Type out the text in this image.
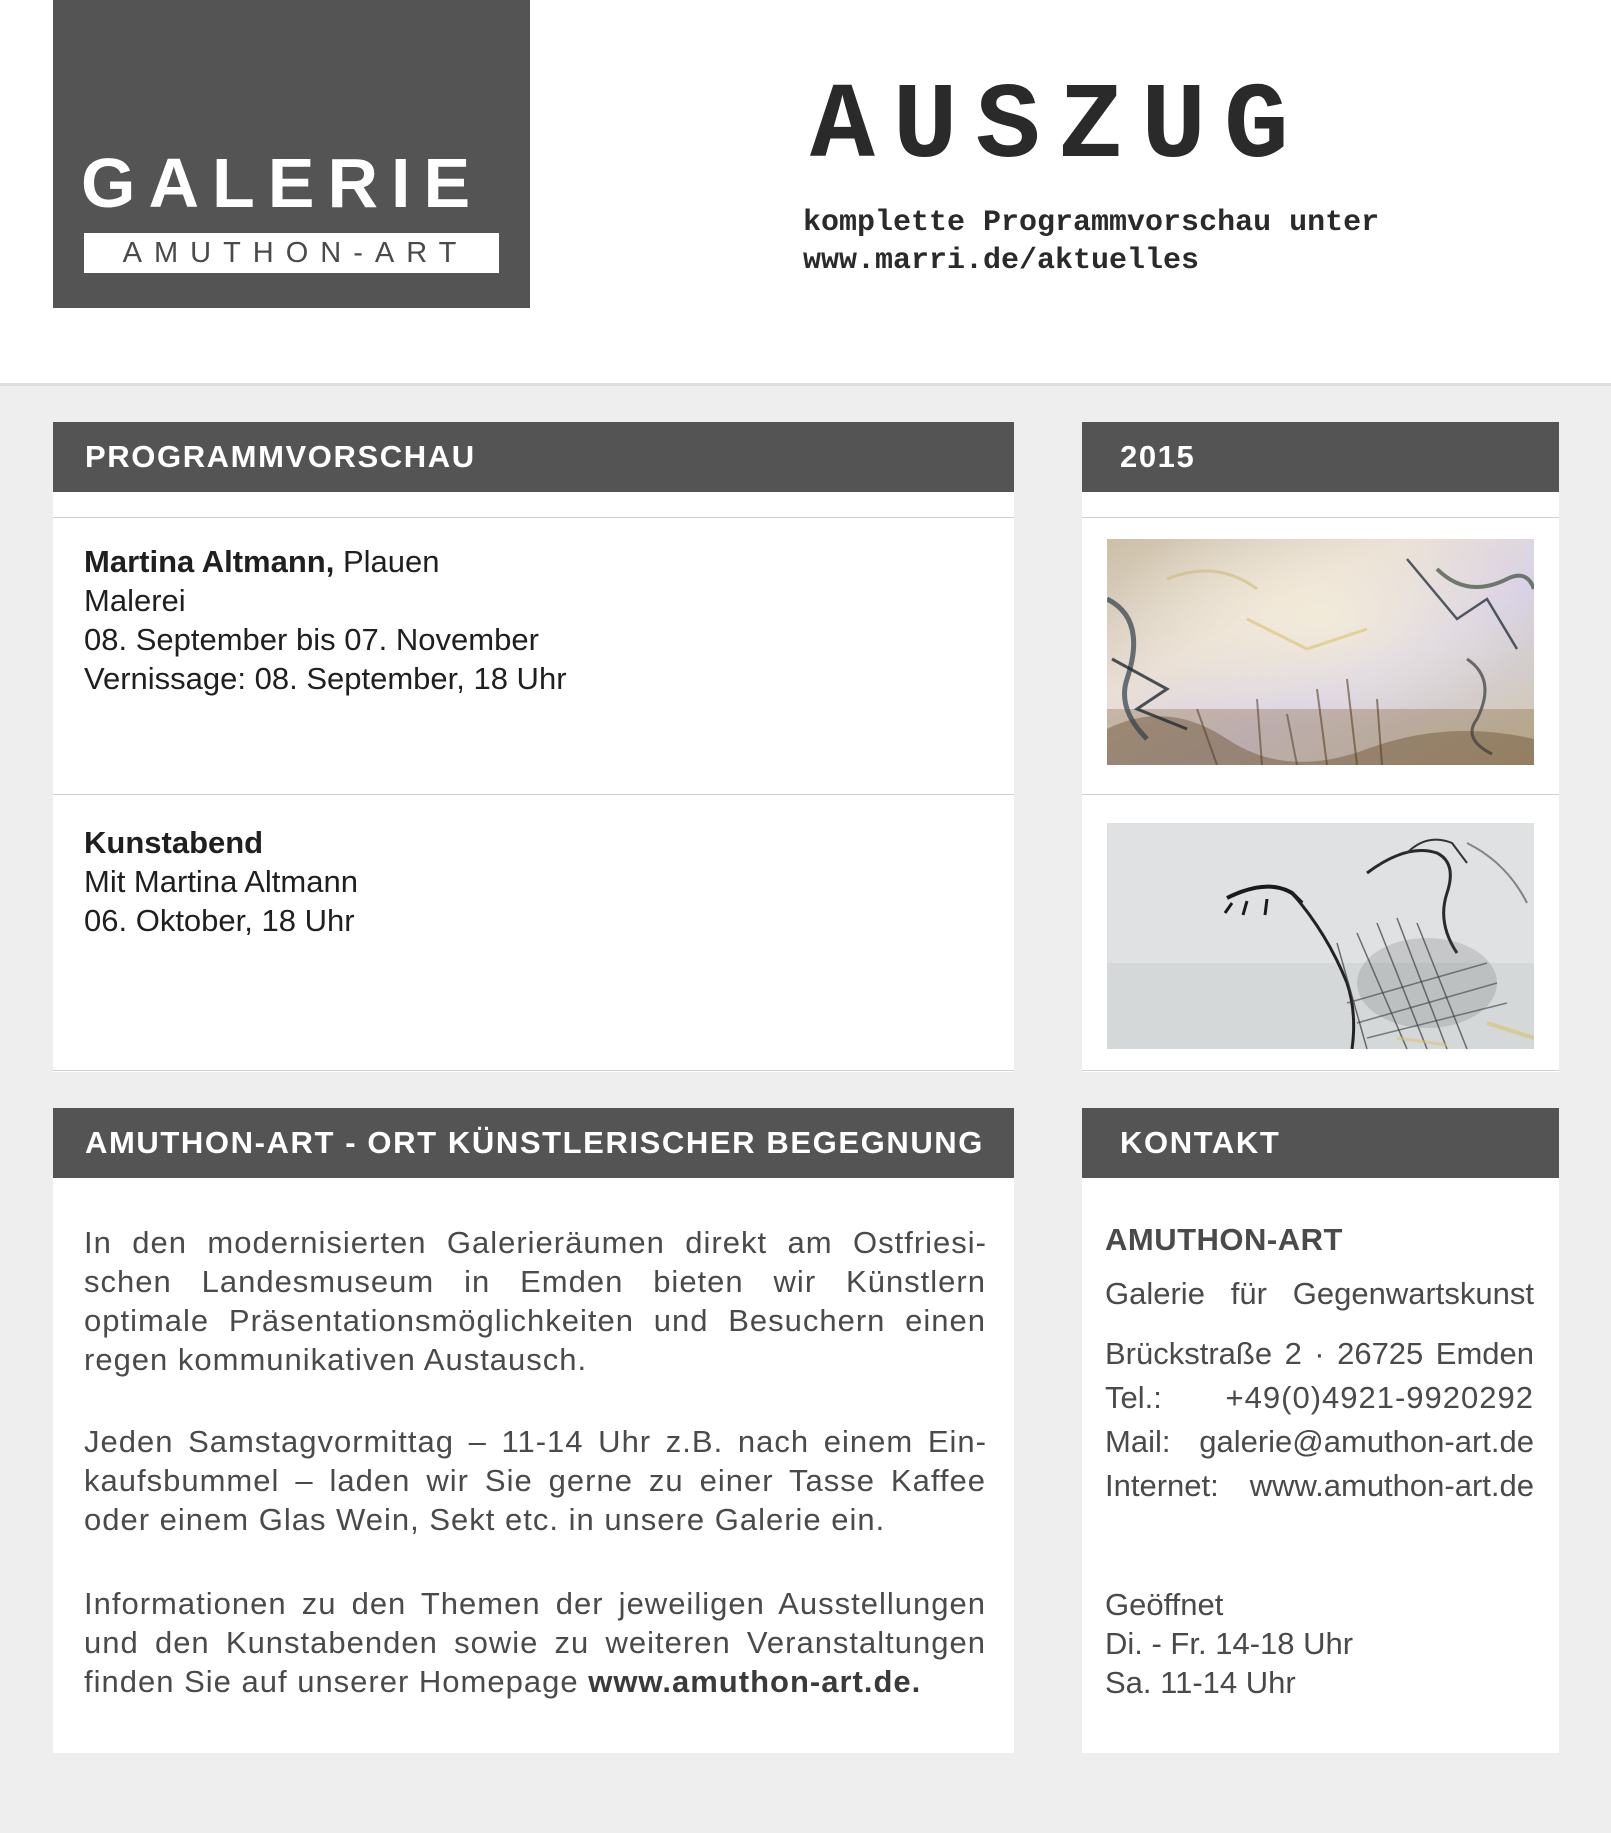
GALERIE
AMUTHON-ART
AUSZUG
komplette Programmvorschau unter
www.marri.de/aktuelles
PROGRAMMVORSCHAU
Martina Altmann, Plauen
Malerei
08. September bis 07. November
Vernissage: 08. September, 18 Uhr
Kunstabend
Mit Martina Altmann
06. Oktober, 18 Uhr
2015
AMUTHON-ART - ORT KÜNSTLERISCHER BEGEGNUNG
In den modernisierten Galerieräumen direkt am Ostfriesischen Landesmuseum in Emden bieten wir Künstlern optimale Präsentationsmöglichkeiten und Besuchern einen regen kommunikativen Austausch.
Jeden Samstagvormittag – 11-14 Uhr z.B. nach einem Einkaufsbummel – laden wir Sie gerne zu einer Tasse Kaffee oder einem Glas Wein, Sekt etc. in unsere Galerie ein.
Informationen zu den Themen der jeweiligen Ausstellungen und den Kunstabenden sowie zu weiteren Veranstaltungen finden Sie auf unserer Homepage www.amuthon-art.de.
KONTAKT
AMUTHON-ART
Galerie für Gegenwartskunst
Brückstraße 2 · 26725 Emden
Tel.: +49(0)4921-9920292
Mail: galerie@amuthon-art.de
Internet: www.amuthon-art.de
Geöffnet
Di. - Fr. 14-18 Uhr
Sa. 11-14 Uhr
